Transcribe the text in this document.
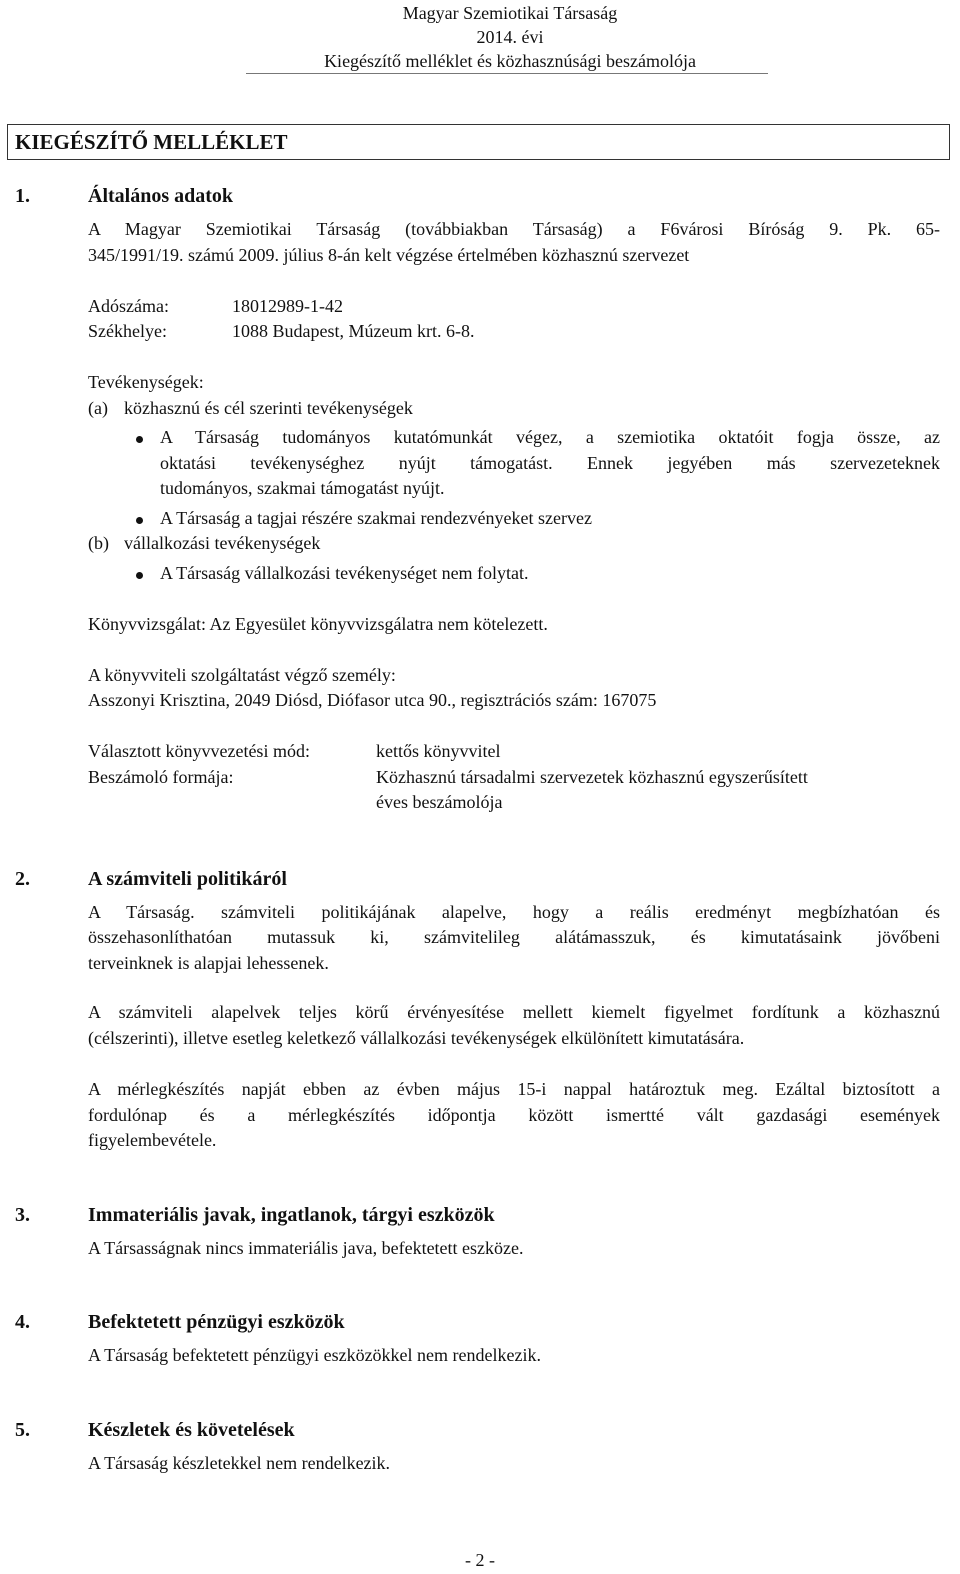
Magyar Szemiotikai Társaság
2014. évi
Kiegészítő melléklet és közhasznúsági beszámolója
KIEGÉSZÍTŐ MELLÉKLET
1.	Általános adatok
A Magyar Szemiotikai Társaság (továbbiakban Társaság) a F6városi Bíróság 9. Pk. 65-
345/1991/19. számú 2009. július 8-án kelt végzése értelmében közhasznú szervezet
Adószáma:	18012989-1-42
Székhelye:	1088 Budapest, Múzeum krt. 6-8.
Tevékenységek:
(a) közhasznú és cél szerinti tevékenységek
A Társaság tudományos kutatómunkát végez, a szemiotika oktatóit fogja össze, az
oktatási tevékenységhez nyújt támogatást. Ennek jegyében más szervezeteknek
tudományos, szakmai támogatást nyújt.
A Társaság a tagjai részére szakmai rendezvényeket szervez
(b) vállalkozási tevékenységek
A Társaság vállalkozási tevékenységet nem folytat.
Könyvvizsgálat: Az Egyesület könyvvizsgálatra nem kötelezett.
A könyvviteli szolgáltatást végző személy:
Asszonyi Krisztina, 2049 Diósd, Diófasor utca 90., regisztrációs szám: 167075
Választott könyvvezetési mód:	kettős könyvvitel
Beszámoló formája:	Közhasznú társadalmi szervezetek közhasznú egyszerűsített
éves beszámolója
2.	A számviteli politikáról
A Társaság. számviteli politikájának alapelve, hogy a reális eredményt megbízhatóan és
összehasonlíthatóan mutassuk ki, számvitelileg alátámasszuk, és kimutatásaink jövőbeni
terveinknek is alapjai lehessenek.
A számviteli alapelvek teljes körű érvényesítése mellett kiemelt figyelmet fordítunk a közhasznú
(célszerinti), illetve esetleg keletkező vállalkozási tevékenységek elkülönített kimutatására.
A mérlegkészítés napját ebben az évben május 15-i nappal határoztuk meg. Ezáltal biztosított a
fordulónap és a mérlegkészítés időpontja között ismertté vált gazdasági események
figyelembevétele.
3.	Immateriális javak, ingatlanok, tárgyi eszközök
A Társasságnak nincs immateriális java, befektetett eszköze.
4.	Befektetett pénzügyi eszközök
A Társaság befektetett pénzügyi eszközökkel nem rendelkezik.
5.	Készletek és követelések
A Társaság készletekkel nem rendelkezik.
- 2 -
